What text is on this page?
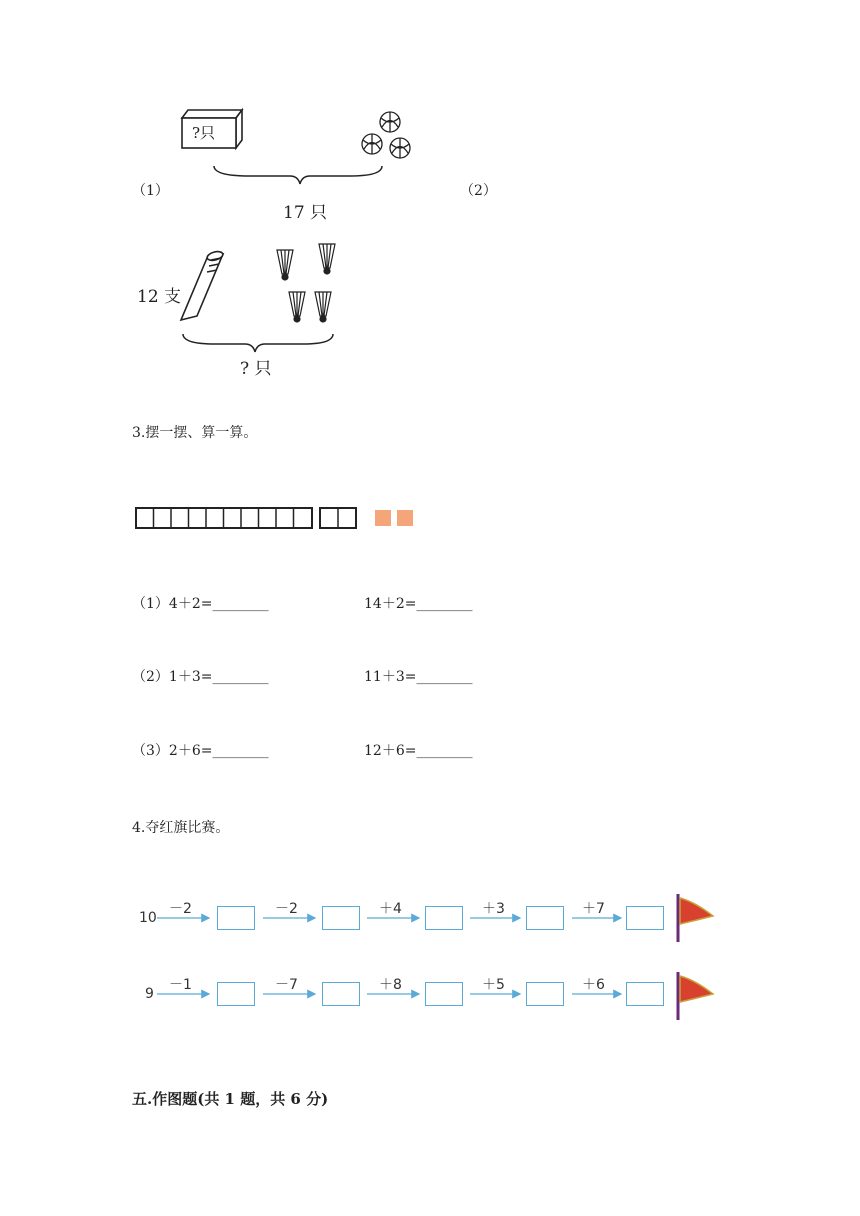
?只
17 只
（1）	（2）
12 支
? 只
3.摆一摆、算一算。
（1）4＋2=________	14＋2=________
（2）1＋3=________	11＋3=________
（3）2＋6=________	12＋6=________
4.夺红旗比赛。
10
－2	－2	＋4	＋3	＋7
9
－1	－7	＋8	＋5	＋6
五.作图题(共 1 题，共 6 分)
